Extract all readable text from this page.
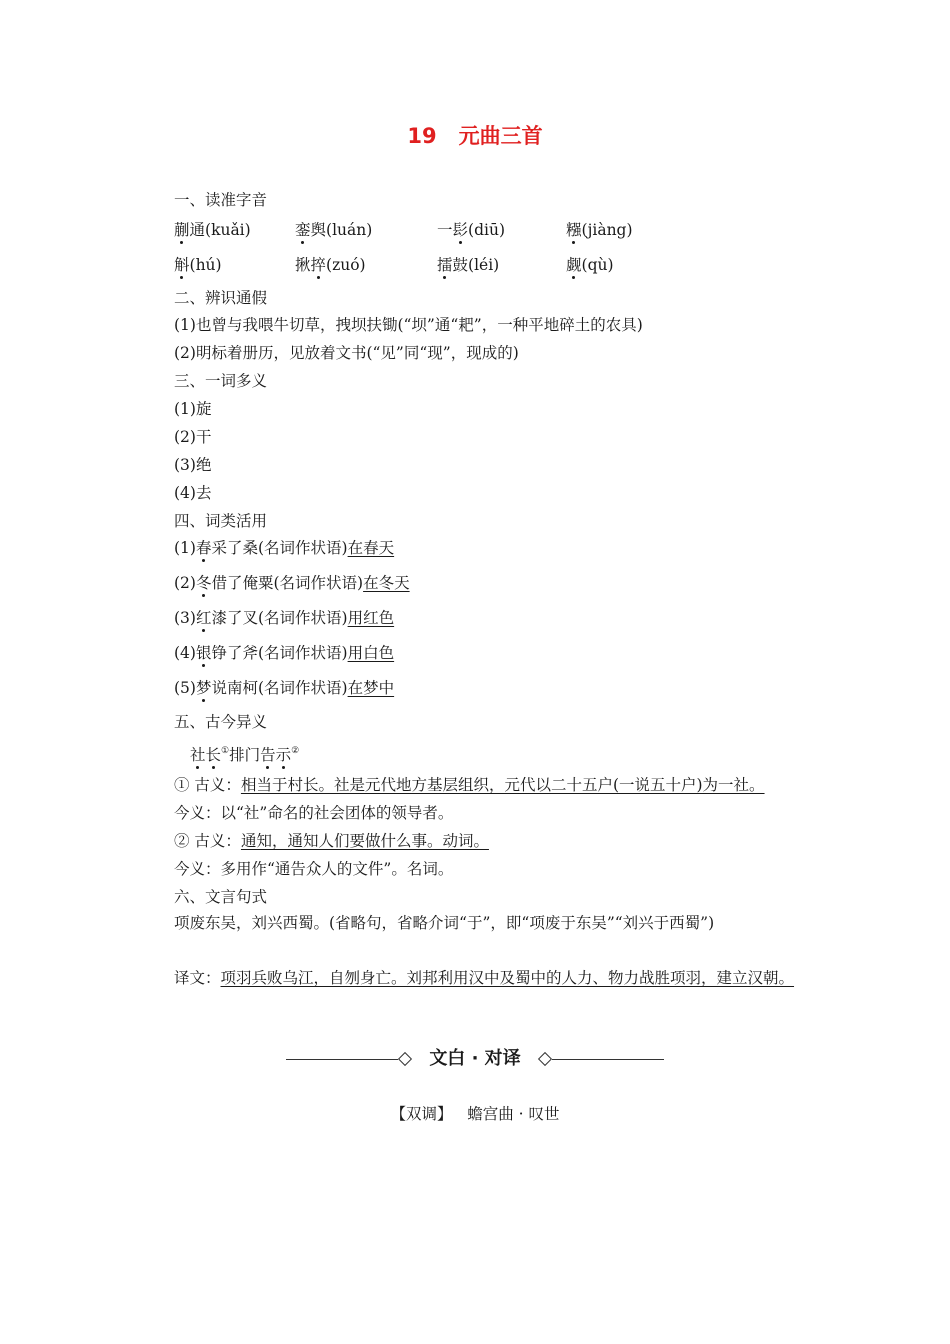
19 元曲三首
一、读准字音
蒯通(kuǎi)	銮舆(luán)	一髟(diū)	糨(jiàng)
斛(hú)	揪捽(zuó)	擂鼓(léi)	觑(qù)
二、辨识通假
(1)也曾与我喂牛切草，拽坝扶锄(“坝”通“耙”，一种平地碎土的农具)
(2)明标着册历，见放着文书(“见”同“现”，现成的)
三、一词多义
(1)旋
(2)干
(3)绝
(4)去
四、词类活用
(1)春采了桑(名词作状语)在春天
(2)冬借了俺粟(名词作状语)在冬天
(3)红漆了叉(名词作状语)用红色
(4)银铮了斧(名词作状语)用白色
(5)梦说南柯(名词作状语)在梦中
五、古今异义
社长①排门告示②
① 古义：相当于村长。社是元代地方基层组织，元代以二十五户(一说五十户)为一社。
今义：以“社”命名的社会团体的领导者。
② 古义：通知，通知人们要做什么事。动词。
今义：多用作“通告众人的文件”。名词。
六、文言句式
项废东吴，刘兴西蜀。(省略句，省略介词“于”，即“项废于东吴”“刘兴于西蜀”)
译文：项羽兵败乌江，自刎身亡。刘邦利用汉中及蜀中的人力、物力战胜项羽，建立汉朝。
文白 · 对译
【双调】 蟾宫曲 · 叹世
